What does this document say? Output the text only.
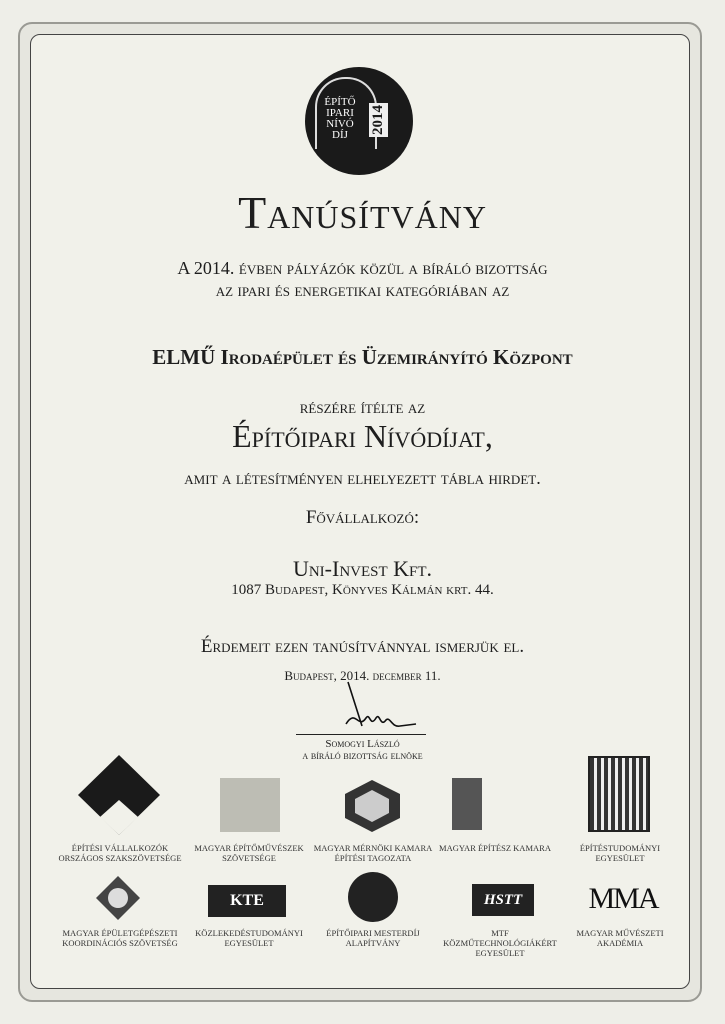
ÉPÍTŐ
IPARI
NÍVÓ
DÍJ	2014
Tanúsítvány
A 2014. évben pályázók közül a bíráló bizottság
az ipari és energetikai kategóriában az
ELMŰ Irodaépület és Üzemirányító Központ
részére ítélte az
Építőipari Nívódíjat,
amit a létesítményen elhelyezett tábla hirdet.
Fővállalkozó:
Uni-Invest Kft.
1087 Budapest, Könyves Kálmán krt. 44.
Érdemeit ezen tanúsítvánnyal ismerjük el.
Budapest, 2014. december 11.
Somogyi László
a bíráló bizottság elnöke
ÉPÍTÉSI VÁLLALKOZÓK ORSZÁGOS SZAKSZÖVETSÉGE
MAGYAR ÉPÍTŐMŰVÉSZEK SZÖVETSÉGE
MAGYAR MÉRNÖKI KAMARA ÉPÍTÉSI TAGOZATA
MAGYAR ÉPÍTÉSZ KAMARA	ÉPÍTÉSTUDOMÁNYI EGYESÜLET
KTE	HSTT	MMA
MAGYAR ÉPÜLETGÉPÉSZETI KOORDINÁCIÓS SZÖVETSÉG
KÖZLEKEDÉSTUDOMÁNYI EGYESÜLET
ÉPÍTŐIPARI MESTERDÍJ ALAPÍTVÁNY
MTF KÖZMŰTECHNOLÓGIÁKÉRT EGYESÜLET
MAGYAR MŰVÉSZETI AKADÉMIA
